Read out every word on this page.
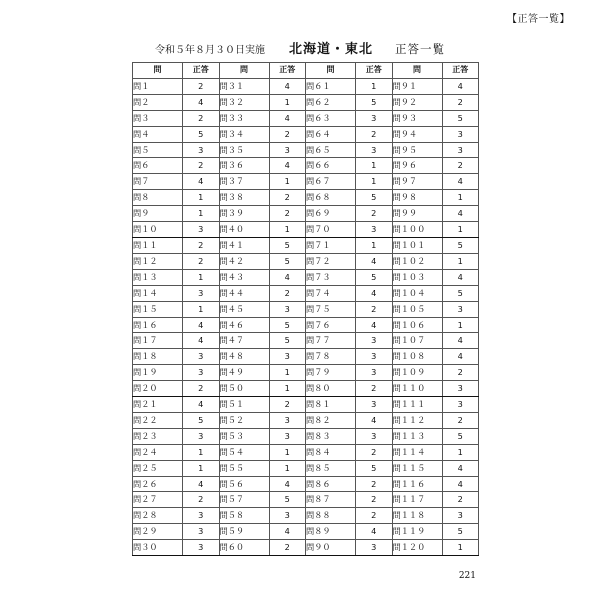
【正答一覧】
令和５年８月３０日実施 北海道・東北 正答一覧
問	正答	問	正答	問	正答	問	正答
問１	2	問３１	4	問６１	1	問９１	4
問２	4	問３２	1	問６２	5	問９２	2
問３	2	問３３	4	問６３	3	問９３	5
問４	5	問３４	2	問６４	2	問９４	3
問５	3	問３５	3	問６５	3	問９５	3
問６	2	問３６	4	問６６	1	問９６	2
問７	4	問３７	1	問６７	1	問９７	4
問８	1	問３８	2	問６８	5	問９８	1
問９	1	問３９	2	問６９	2	問９９	4
問１０	3	問４０	1	問７０	3	問１００	1
問１１	2	問４１	5	問７１	1	問１０１	5
問１２	2	問４２	5	問７２	4	問１０２	1
問１３	1	問４３	4	問７３	5	問１０３	4
問１４	3	問４４	2	問７４	4	問１０４	5
問１５	1	問４５	3	問７５	2	問１０５	3
問１６	4	問４６	5	問７６	4	問１０６	1
問１７	4	問４７	5	問７７	3	問１０７	4
問１８	3	問４８	3	問７８	3	問１０８	4
問１９	3	問４９	1	問７９	3	問１０９	2
問２０	2	問５０	1	問８０	2	問１１０	3
問２１	4	問５１	2	問８１	3	問１１１	3
問２２	5	問５２	3	問８２	4	問１１２	2
問２３	3	問５３	3	問８３	3	問１１３	5
問２４	1	問５４	1	問８４	2	問１１４	1
問２５	1	問５５	1	問８５	5	問１１５	4
問２６	4	問５６	4	問８６	2	問１１６	4
問２７	2	問５７	5	問８７	2	問１１７	2
問２８	3	問５８	3	問８８	2	問１１８	3
問２９	3	問５９	4	問８９	4	問１１９	5
問３０	3	問６０	2	問９０	3	問１２０	1
221
